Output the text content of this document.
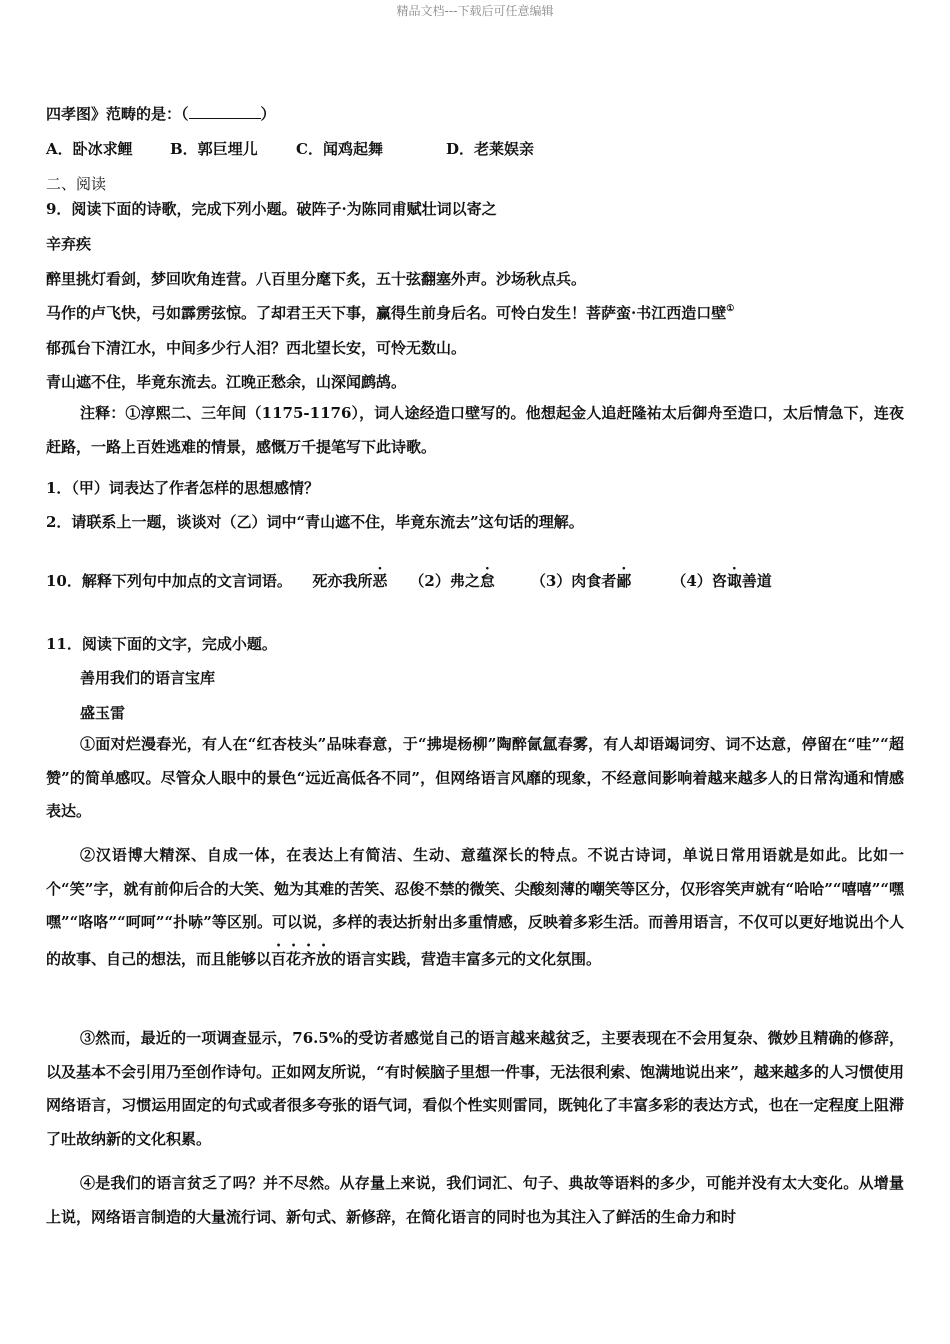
精品文档---下载后可任意编辑
四孝图》范畴的是：（	）
A．卧冰求鲤 B．郭巨埋儿	C．闻鸡起舞	D．老莱娱亲
二、阅读
9．阅读下面的诗歌，完成下列小题。破阵子·为陈同甫赋壮词以寄之
辛弃疾
醉里挑灯看剑，梦回吹角连营。八百里分麾下炙，五十弦翻塞外声。沙场秋点兵。
马作的卢飞快，弓如霹雳弦惊。了却君王天下事，赢得生前身后名。可怜白发生！菩萨蛮·书江西造口壁①
郁孤台下清江水，中间多少行人泪？西北望长安，可怜无数山。
青山遮不住，毕竟东流去。江晚正愁余，山深闻鹧鸪。
注释：①淳熙二、三年间（1175-1176），词人途经造口壁写的。他想起金人追赶隆祐太后御舟至造口，太后情急下，连夜赶路，一路上百姓逃难的情景，感慨万千提笔写下此诗歌。
1．（甲）词表达了作者怎样的思想感情？
2．请联系上一题，谈谈对（乙）词中“青山遮不住，毕竟东流去”这句话的理解。
10．解释下列句中加点的文言词语。 死亦我所恶 （2）弗之怠 （3）肉食者鄙	（4）咨诹善道
11．阅读下面的文字，完成小题。
善用我们的语言宝库
盛玉雷
①面对烂漫春光，有人在“红杏枝头”品味春意，于“拂堤杨柳”陶醉氤氲春雾，有人却语竭词穷、词不达意，停留在“哇”“超赞”的简单感叹。尽管众人眼中的景色“远近高低各不同”，但网络语言风靡的现象，不经意间影响着越来越多人的日常沟通和情感表达。
②汉语博大精深、自成一体，在表达上有简洁、生动、意蕴深长的特点。不说古诗词，单说日常用语就是如此。比如一个“笑”字，就有前仰后合的大笑、勉为其难的苦笑、忍俊不禁的微笑、尖酸刻薄的嘲笑等区分，仅形容笑声就有“哈哈”“嘻嘻”“嘿嘿”“咯咯”“呵呵”“扑哧”等区别。可以说，多样的表达折射出多重情感，反映着多彩生活。而善用语言，不仅可以更好地说出个人的故事、自己的想法，而且能够以百花齐放的语言实践，营造丰富多元的文化氛围。
③然而，最近的一项调查显示，76.5%的受访者感觉自己的语言越来越贫乏，主要表现在不会用复杂、微妙且精确的修辞，以及基本不会引用乃至创作诗句。正如网友所说，“有时候脑子里想一件事，无法很利索、饱满地说出来”，越来越多的人习惯使用网络语言，习惯运用固定的句式或者很多夸张的语气词，看似个性实则雷同，既钝化了丰富多彩的表达方式，也在一定程度上阻滞了吐故纳新的文化积累。
④是我们的语言贫乏了吗？并不尽然。从存量上来说，我们词汇、句子、典故等语料的多少，可能并没有太大变化。从增量上说，网络语言制造的大量流行词、新句式、新修辞，在简化语言的同时也为其注入了鲜活的生命力和时
